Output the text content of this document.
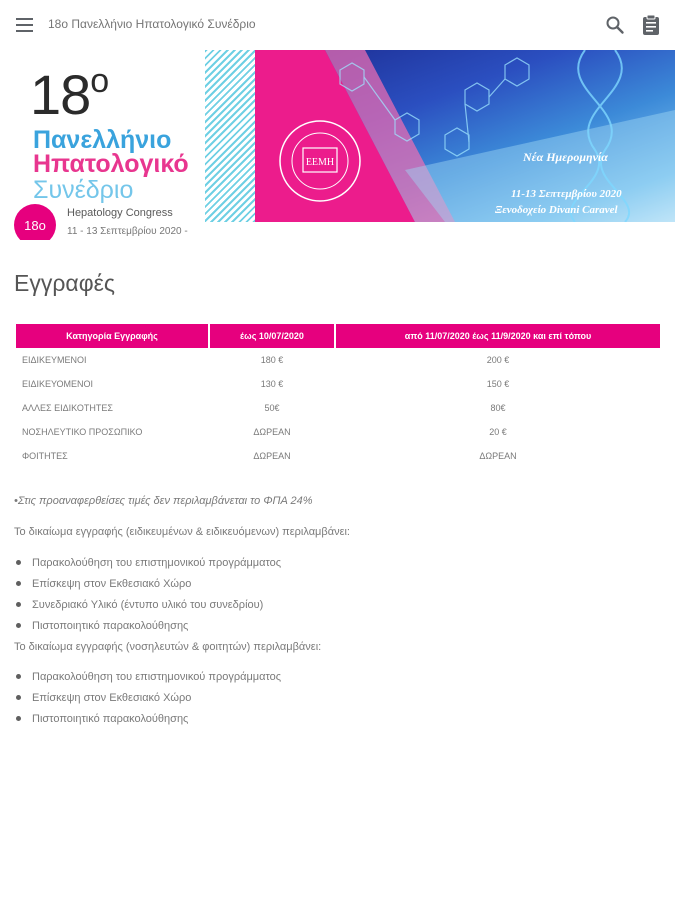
18ο Πανελλήνιο Ηπατολογικό Συνέδριο
$18^o$
Πανελλήνιο
Ηπατολογικό
Συνέδριο
Hepatology Congress
11 - 13 Σεπτεμβρίου 2020 -
ΕΕΜΗ	Νέα Ημερομηνία
11-13 Σεπτεμβρίου 2020
Ξενοδοχείο Divani Caravel
18ο
Εγγραφές
Κατηγορία Εγγραφής	έως 10/07/2020	από 11/07/2020 έως 11/9/2020 και επί τόπου
ΕΙΔΙΚΕΥΜΕΝΟΙ	180 €	200 €
ΕΙΔΙΚΕΥΟΜΕΝΟΙ	130 €	150 €
ΑΛΛΕΣ ΕΙΔΙΚΟΤΗΤΕΣ	50€	80€
ΝΟΣΗΛΕΥΤΙΚΟ ΠΡΟΣΩΠΙΚΟ	ΔΩΡΕΑΝ	20 €
ΦΟΙΤΗΤΕΣ	ΔΩΡΕΑΝ	ΔΩΡΕΑΝ

•Στις προαναφερθείσες τιμές δεν περιλαμβάνεται το ΦΠΑ 24%

Το δικαίωμα εγγραφής (ειδικευμένων & ειδικευόμενων) περιλαμβάνει:

Παρακολούθηση του επιστημονικού προγράμματος
Επίσκεψη στον Εκθεσιακό Χώρο
Συνεδριακό Υλικό (έντυπο υλικό του συνεδρίου)
Πιστοποιητικό παρακολούθησης

Το δικαίωμα εγγραφής (νοσηλευτών & φοιτητών) περιλαμβάνει:

Παρακολούθηση του επιστημονικού προγράμματος
Επίσκεψη στον Εκθεσιακό Χώρο
Πιστοποιητικό παρακολούθησης
